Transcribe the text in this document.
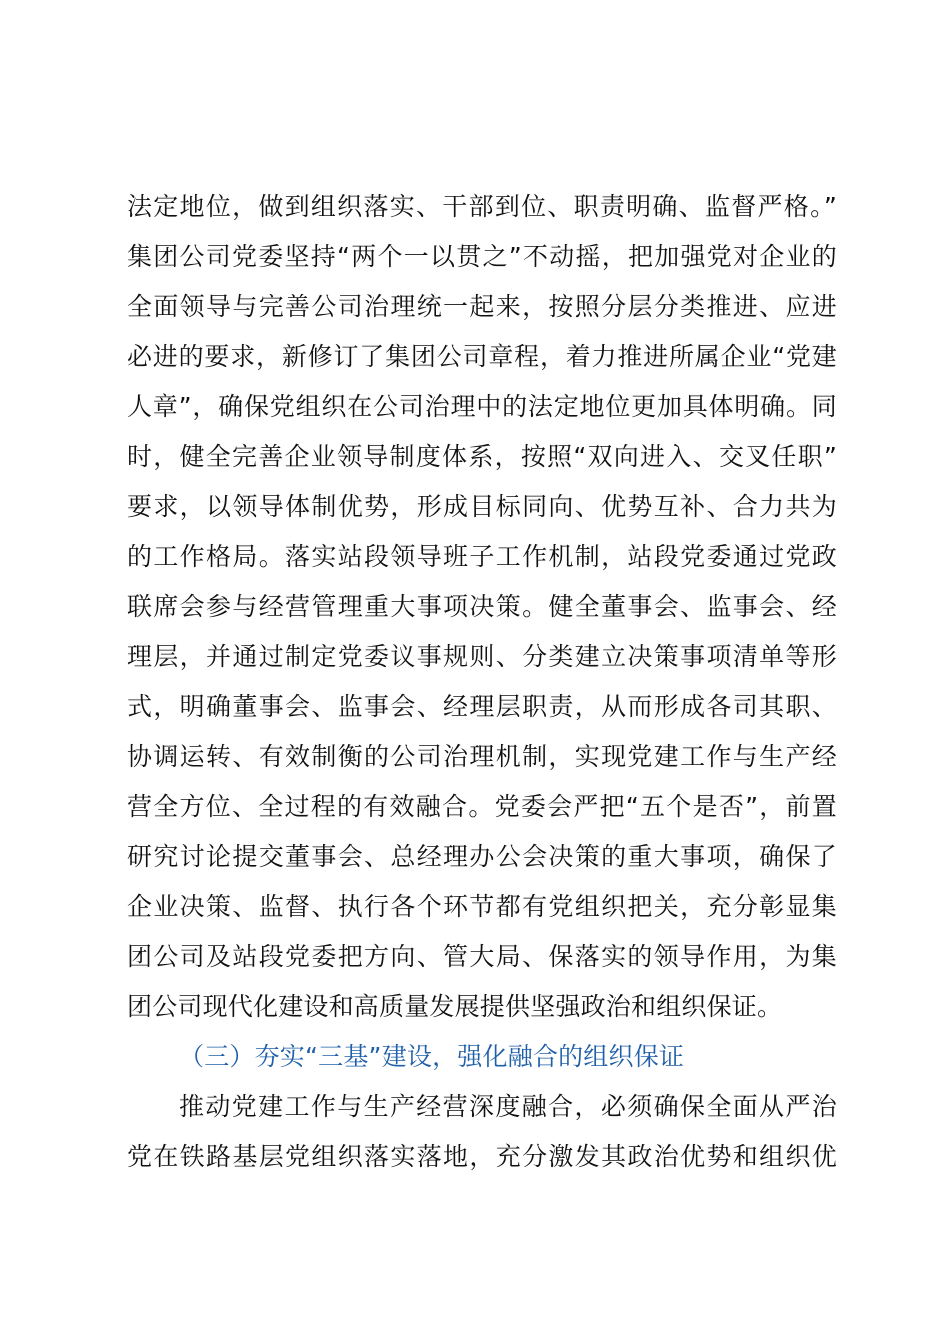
法定地位，做到组织落实、干部到位、职责明确、监督严格。”
集团公司党委坚持“两个一以贯之”不动摇，把加强党对企业的
全面领导与完善公司治理统一起来，按照分层分类推进、应进
必进的要求，新修订了集团公司章程，着力推进所属企业“党建
人章”，确保党组织在公司治理中的法定地位更加具体明确。同
时，健全完善企业领导制度体系，按照“双向进入、交叉任职”
要求，以领导体制优势，形成目标同向、优势互补、合力共为
的工作格局。落实站段领导班子工作机制，站段党委通过党政
联席会参与经营管理重大事项决策。健全董事会、监事会、经
理层，并通过制定党委议事规则、分类建立决策事项清单等形
式，明确董事会、监事会、经理层职责，从而形成各司其职、
协调运转、有效制衡的公司治理机制，实现党建工作与生产经
营全方位、全过程的有效融合。党委会严把“五个是否”，前置
研究讨论提交董事会、总经理办公会决策的重大事项，确保了
企业决策、监督、执行各个环节都有党组织把关，充分彰显集
团公司及站段党委把方向、管大局、保落实的领导作用，为集
团公司现代化建设和高质量发展提供坚强政治和组织保证。
（三）夯实“三基”建设，强化融合的组织保证
推动党建工作与生产经营深度融合，必须确保全面从严治
党在铁路基层党组织落实落地，充分激发其政治优势和组织优
